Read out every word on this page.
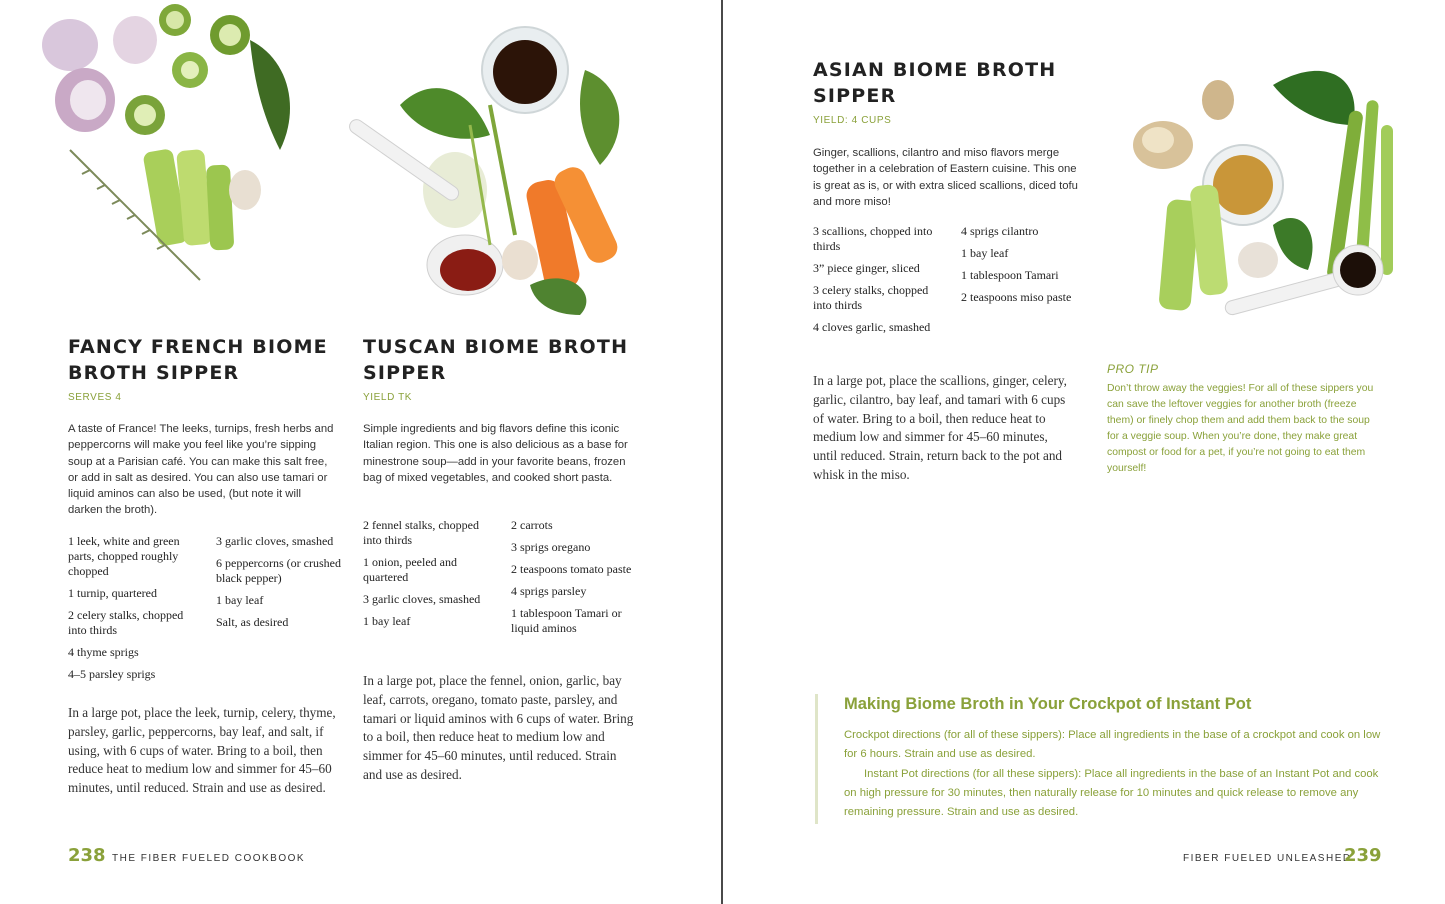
FANCY FRENCH BIOME
BROTH SIPPER
SERVES 4
A taste of France! The leeks, turnips, fresh herbs and peppercorns will make you feel like you’re sipping soup at a Parisian café. You can make this salt free, or add in salt as desired. You can also use tamari or liquid aminos can also be used, (but note it will darken the broth).
1 leek, white and green parts, chopped roughly chopped
1 turnip, quartered
2 celery stalks, chopped into thirds
4 thyme sprigs
4–5 parsley sprigs
3 garlic cloves, smashed
6 peppercorns (or crushed black pepper)
1 bay leaf
Salt, as desired
In a large pot, place the leek, turnip, celery, thyme, parsley, garlic, peppercorns, bay leaf, and salt, if using, with 6 cups of water. Bring to a boil, then reduce heat to medium low and simmer for 45–60 minutes, until reduced. Strain and use as desired.
TUSCAN BIOME BROTH
SIPPER
YIELD TK
Simple ingredients and big flavors define this iconic Italian region. This one is also delicious as a base for minestrone soup—add in your favorite beans, frozen bag of mixed vegetables, and cooked short pasta.
2 fennel stalks, chopped into thirds
1 onion, peeled and quartered
3 garlic cloves, smashed
1 bay leaf
2 carrots
3 sprigs oregano
2 teaspoons tomato paste
4 sprigs parsley
1 tablespoon Tamari or liquid aminos
In a large pot, place the fennel, onion, garlic, bay leaf, carrots, oregano, tomato paste, parsley, and tamari or liquid aminos with 6 cups of water. Bring to a boil, then reduce heat to medium low and simmer for 45–60 minutes, until reduced. Strain and use as desired.
238 THE FIBER FUELED COOKBOOK
ASIAN BIOME BROTH
SIPPER
YIELD: 4 CUPS
Ginger, scallions, cilantro and miso flavors merge together in a celebration of Eastern cuisine. This one is great as is, or with extra sliced scallions, diced tofu and more miso!
3 scallions, chopped into thirds
3” piece ginger, sliced
3 celery stalks, chopped into thirds
4 cloves garlic, smashed
4 sprigs cilantro
1 bay leaf
1 tablespoon Tamari
2 teaspoons miso paste
In a large pot, place the scallions, ginger, celery, garlic, cilantro, bay leaf, and tamari with 6 cups of water. Bring to a boil, then reduce heat to medium low and simmer for 45–60 minutes, until reduced. Strain, return back to the pot and whisk in the miso.
PRO TIP
Don’t throw away the veggies! For all of these sippers you can save the leftover veggies for another broth (freeze them) or finely chop them and add them back to the soup for a veggie soup. When you’re done, they make great compost or food for a pet, if you’re not going to eat them yourself!
Making Biome Broth in Your Crockpot of Instant Pot

Crockpot directions (for all of these sippers): Place all ingredients in the base of a crockpot and cook on low for 6 hours. Strain and use as desired.

Instant Pot directions (for all these sippers): Place all ingredients in the base of an Instant Pot and cook on high pressure for 30 minutes, then naturally release for 10 minutes and quick release to remove any remaining pressure. Strain and use as desired.

FIBER FUELED UNLEASHED
239
